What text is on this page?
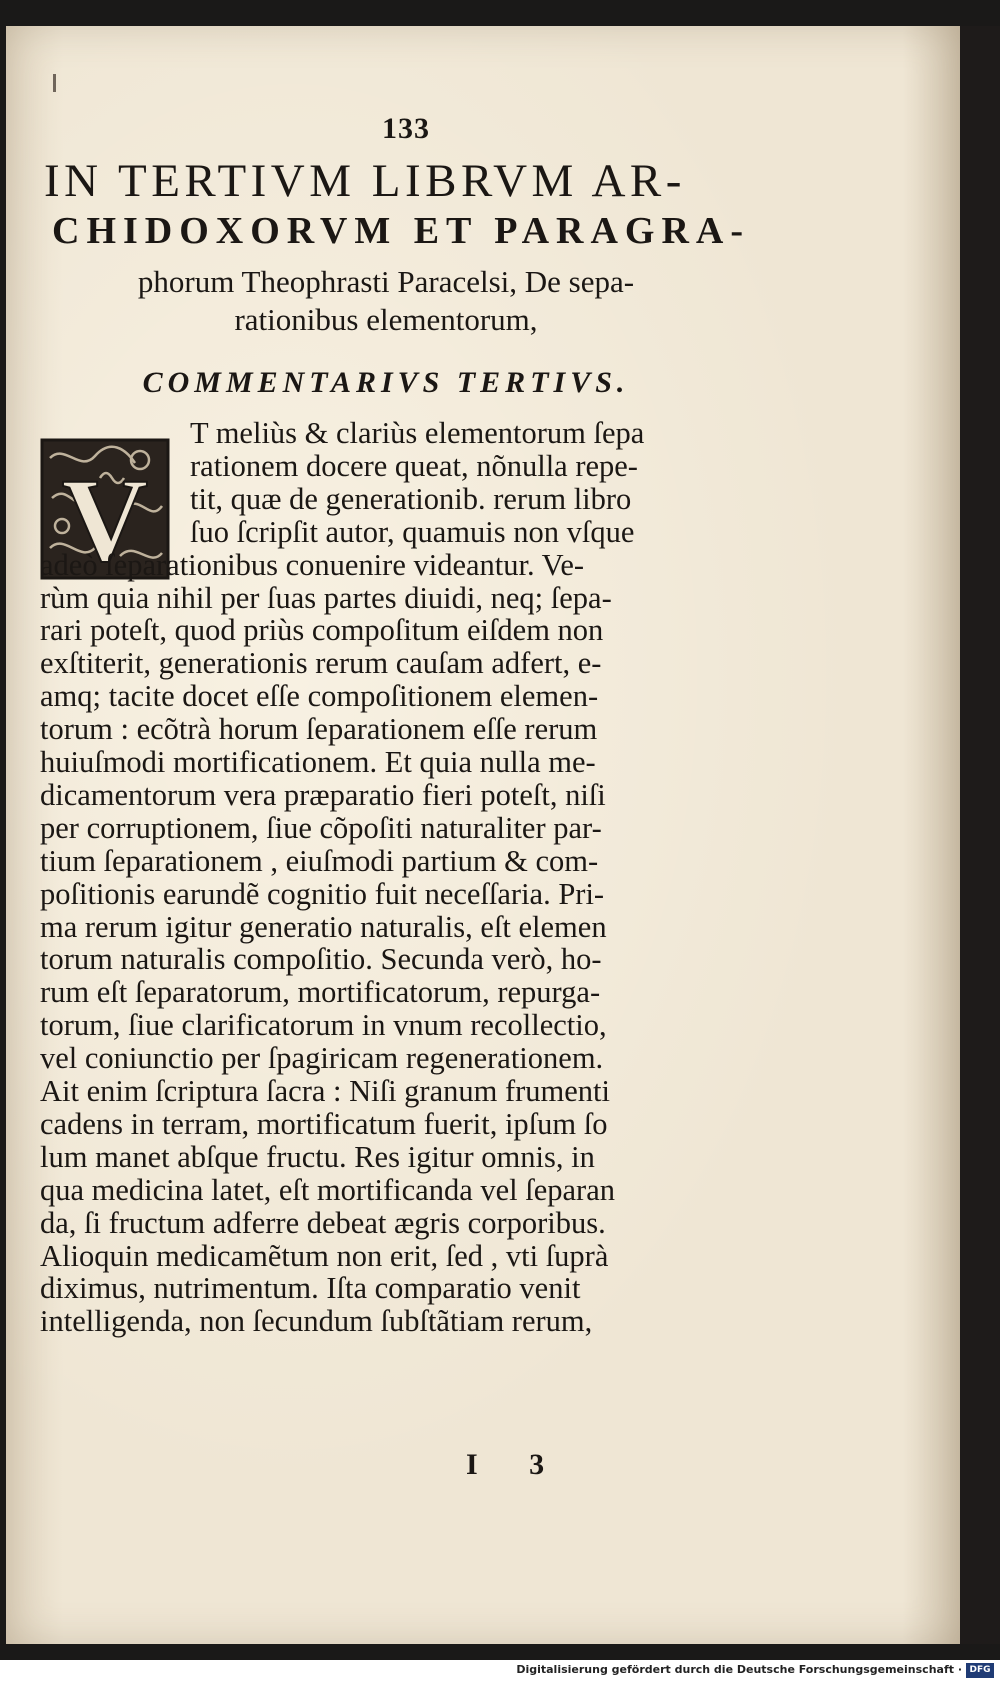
133
IN TERTIVM LIBRVM AR-
CHIDOXORVM ET PARAGRA-
phorum Theophrasti Paracelsi, De sepa-
rationibus elementorum,
COMMENTARIVS TERTIVS.
V
T meliùs & clariùs elementorum ſepa
rationem docere queat, nõnulla repe-
tit, quæ de generationib. rerum libro
ſuo ſcripſit autor, quamuis non vſque
adeò ſeparationibus conuenire videantur. Ve-
rùm quia nihil per ſuas partes diuidi, neq; ſepa-
rari poteſt, quod priùs compoſitum eiſdem non
exſtiterit, generationis rerum cauſam adfert, e-
amq; tacite docet eſſe compoſitionem elemen-
torum : ecõtrà horum ſeparationem eſſe rerum
huiuſmodi mortificationem. Et quia nulla me-
dicamentorum vera præparatio fieri poteſt, niſi
per corruptionem, ſiue cõpoſiti naturaliter par-
tium ſeparationem , eiuſmodi partium & com-
poſitionis earundẽ cognitio fuit neceſſaria. Pri-
ma rerum igitur generatio naturalis, eſt elemen
torum naturalis compoſitio. Secunda verò, ho-
rum eſt ſeparatorum, mortificatorum, repurga-
torum, ſiue clarificatorum in vnum recollectio,
vel coniunctio per ſpagiricam regenerationem.
Ait enim ſcriptura ſacra : Niſi granum frumenti
cadens in terram, mortificatum fuerit, ipſum ſo
lum manet abſque fructu. Res igitur omnis, in
qua medicina latet, eſt mortificanda vel ſeparan
da, ſi fructum adferre debeat ægris corporibus.
Alioquin medicamẽtum non erit, ſed , vti ſuprà
diximus, nutrimentum. Iſta comparatio venit
intelligenda, non ſecundum ſubſtãtiam rerum,
I 3
Digitalisierung gefördert durch die Deutsche Forschungsgemeinschaft · DFG
